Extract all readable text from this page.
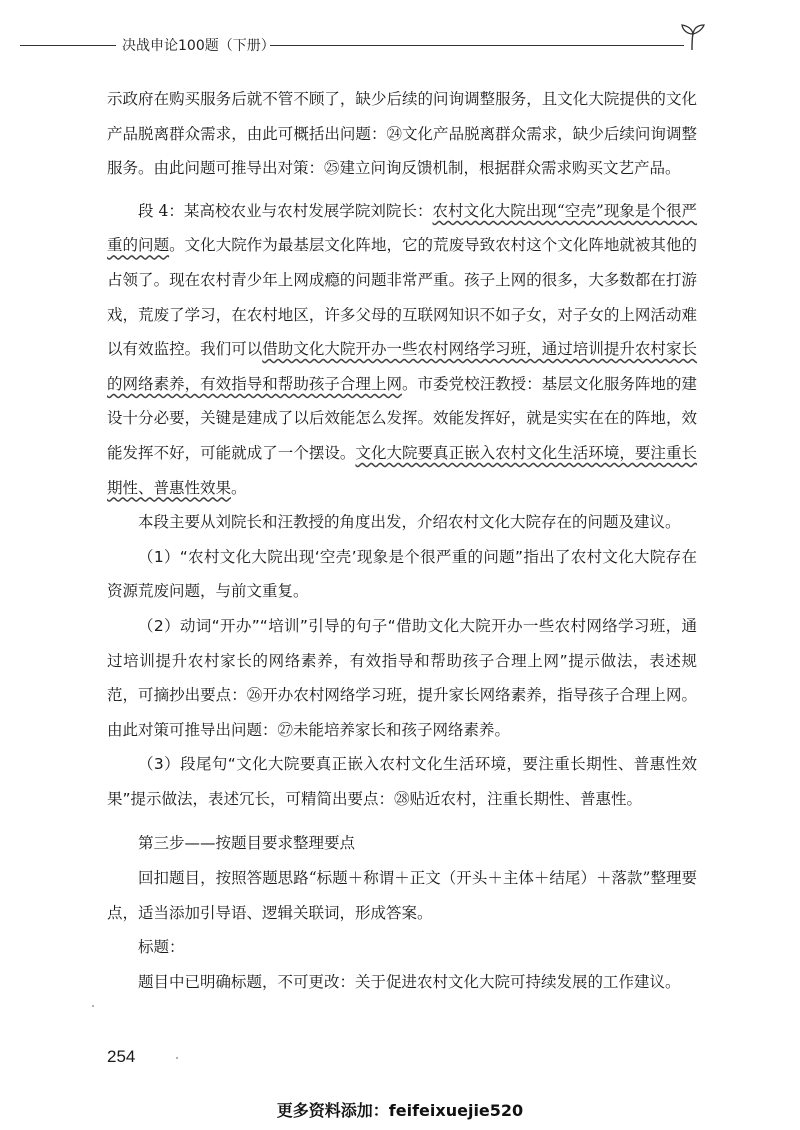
决战申论100题（下册）

示政府在购买服务后就不管不顾了，缺少后续的问询调整服务，且文化大院提供的文化产品脱离群众需求，由此可概括出问题：㉔文化产品脱离群众需求，缺少后续问询调整服务。由此问题可推导出对策：㉕建立问询反馈机制，根据群众需求购买文艺产品。

段 4：某高校农业与农村发展学院刘院长：农村文化大院出现“空壳”现象是个很严重的问题。文化大院作为最基层文化阵地，它的荒废导致农村这个文化阵地就被其他的占领了。现在农村青少年上网成瘾的问题非常严重。孩子上网的很多，大多数都在打游戏，荒废了学习，在农村地区，许多父母的互联网知识不如子女，对子女的上网活动难以有效监控。我们可以借助文化大院开办一些农村网络学习班，通过培训提升农村家长的网络素养，有效指导和帮助孩子合理上网。市委党校汪教授：基层文化服务阵地的建设十分必要，关键是建成了以后效能怎么发挥。效能发挥好，就是实实在在的阵地，效能发挥不好，可能就成了一个摆设。文化大院要真正嵌入农村文化生活环境，要注重长期性、普惠性效果。

本段主要从刘院长和汪教授的角度出发，介绍农村文化大院存在的问题及建议。

（1）“农村文化大院出现‘空壳’现象是个很严重的问题”指出了农村文化大院存在资源荒废问题，与前文重复。

（2）动词“开办”“培训”引导的句子“借助文化大院开办一些农村网络学习班，通过培训提升农村家长的网络素养，有效指导和帮助孩子合理上网”提示做法，表述规范，可摘抄出要点：㉖开办农村网络学习班，提升家长网络素养，指导孩子合理上网。由此对策可推导出问题：㉗未能培养家长和孩子网络素养。

（3）段尾句“文化大院要真正嵌入农村文化生活环境，要注重长期性、普惠性效果”提示做法，表述冗长，可精简出要点：㉘贴近农村，注重长期性、普惠性。

第三步——按题目要求整理要点

回扣题目，按照答题思路“标题＋称谓＋正文（开头＋主体＋结尾）＋落款”整理要点，适当添加引导语、逻辑关联词，形成答案。

标题：

题目中已明确标题，不可更改：关于促进农村文化大院可持续发展的工作建议。

254
更多资料添加：feifeixuejie520
